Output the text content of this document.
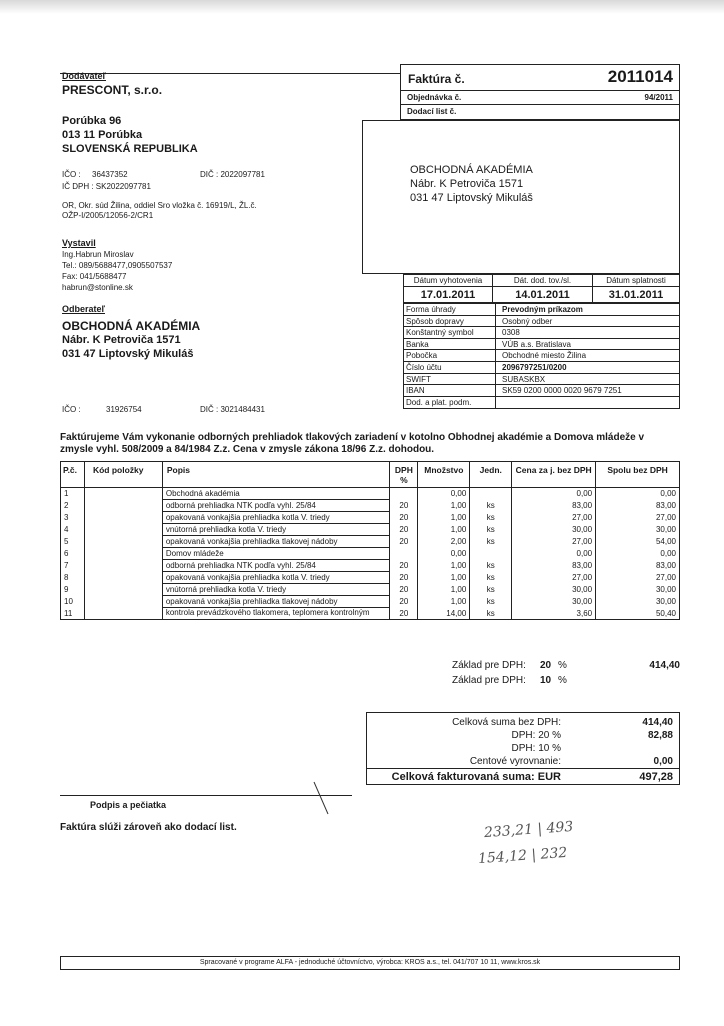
Dodávateľ
PRESCONT, s.r.o.
Porúbka 96
013 11 Porúbka
SLOVENSKÁ REPUBLIKA
IČO : 36437352	DIČ : 2022097781
IČ DPH : SK2022097781
OR, Okr. súd Žilina, oddiel Sro vložka č. 16919/L, ŽL.č.
OŽP-I/2005/12056-2/CR1
Vystavil
Ing.Habrun Miroslav
Tel.: 089/5688477,0905507537
Fax: 041/5688477
habrun@stonline.sk
Odberateľ
OBCHODNÁ AKADÉMIA
Nábr. K Petroviča 1571
031 47 Liptovský Mikuláš
IČO :	31926754	DIČ : 3021484431
Faktúra č.	2011014
Objednávka č.	94/2011
Dodací list č.
OBCHODNÁ AKADÉMIA
Nábr. K Petroviča 1571
031 47 Liptovský Mikuláš
Dátum vyhotovenia	Dát. dod. tov./sl.	Dátum splatnosti
17.01.2011	14.01.2011	31.01.2011
Forma úhrady	Prevodným príkazom
Spôsob dopravy	Osobný odber
Konštantný symbol	0308
Banka	VÚB a.s. Bratislava
Pobočka	Obchodné miesto Žilina
Číslo účtu	2096797251/0200
SWIFT	SUBASKBX
IBAN	SK59 0200 0000 0020 9679 7251
Dod. a plat. podm.
Faktúrujeme Vám vykonanie odborných prehliadok tlakových zariadení v kotolno Obhodnej akadémie a Domova mládeže v zmysle vyhl. 508/2009 a 84/1984 Z.z. Cena v zmysle zákona 18/96 Z.z. dohodou.
P.č.	Kód položky	Popis	DPH %	Množstvo	Jedn.	Cena za j. bez DPH	Spolu bez DPH
1		Obchodná akadémia		0,00		0,00	0,00
2		odborná prehliadka NTK podľa vyhl. 25/84	20	1,00	ks	83,00	83,00
3		opakovaná vonkajšia prehliadka kotla V. triedy	20	1,00	ks	27,00	27,00
4		vnútorná prehliadka kotla V. triedy	20	1,00	ks	30,00	30,00
5		opakovaná vonkajšia prehliadka tlakovej nádoby	20	2,00	ks	27,00	54,00
6		Domov mládeže		0,00		0,00	0,00
7		odborná prehliadka NTK podľa vyhl. 25/84	20	1,00	ks	83,00	83,00
8		opakovaná vonkajšia prehliadka kotla V. triedy	20	1,00	ks	27,00	27,00
9		vnútorná prehliadka kotla V. triedy	20	1,00	ks	30,00	30,00
10		opakovaná vonkajšia prehliadka tlakovej nádoby	20	1,00	ks	30,00	30,00
11		kontrola prevádzkového tlakomera, teplomera kontrolným	20	14,00	ks	3,60	50,40
Základ pre DPH: 20 %	414,40
Základ pre DPH: 10 %
Celková suma bez DPH:	414,40
DPH: 20 %	82,88
DPH: 10 %
Centové vyrovnanie:	0,00
Celková fakturovaná suma: EUR	497,28
Podpis a pečiatka
Faktúra slúži zároveň ako dodací list.	233,21 | 493
154,12 | 232
Spracované v programe ALFA - jednoduché účtovníctvo, výrobca: KROS a.s., tel. 041/707 10 11, www.kros.sk
